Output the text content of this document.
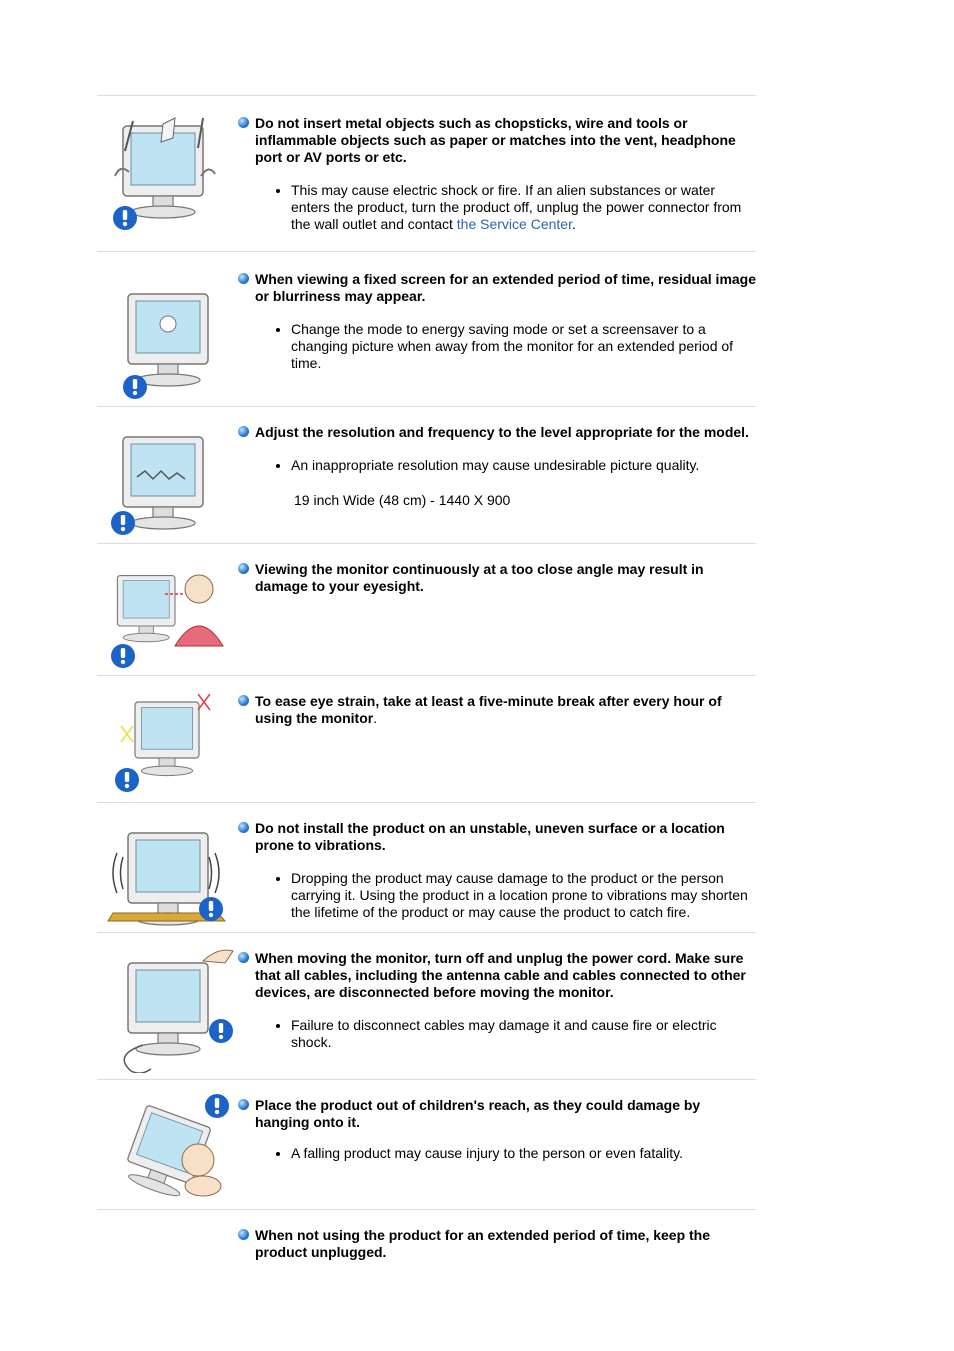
Do not insert metal objects such as chopsticks, wire and tools or inflammable objects such as paper or matches into the vent, headphone port or AV ports or etc.

• This may cause electric shock or fire. If an alien substances or water enters the product, turn the product off, unplug the power connector from the wall outlet and contact the Service Center.

When viewing a fixed screen for an extended period of time, residual image or blurriness may appear.

• Change the mode to energy saving mode or set a screensaver to a changing picture when away from the monitor for an extended period of time.

Adjust the resolution and frequency to the level appropriate for the model.

• An inappropriate resolution may cause undesirable picture quality.

19 inch Wide (48 cm) - 1440 X 900

Viewing the monitor continuously at a too close angle may result in damage to your eyesight.

To ease eye strain, take at least a five-minute break after every hour of using the monitor.

Do not install the product on an unstable, uneven surface or a location prone to vibrations.

• Dropping the product may cause damage to the product or the person carrying it. Using the product in a location prone to vibrations may shorten the lifetime of the product or may cause the product to catch fire.

When moving the monitor, turn off and unplug the power cord. Make sure that all cables, including the antenna cable and cables connected to other devices, are disconnected before moving the monitor.

• Failure to disconnect cables may damage it and cause fire or electric shock.

Place the product out of children's reach, as they could damage by hanging onto it.

• A falling product may cause injury to the person or even fatality.

When not using the product for an extended period of time, keep the product unplugged.
